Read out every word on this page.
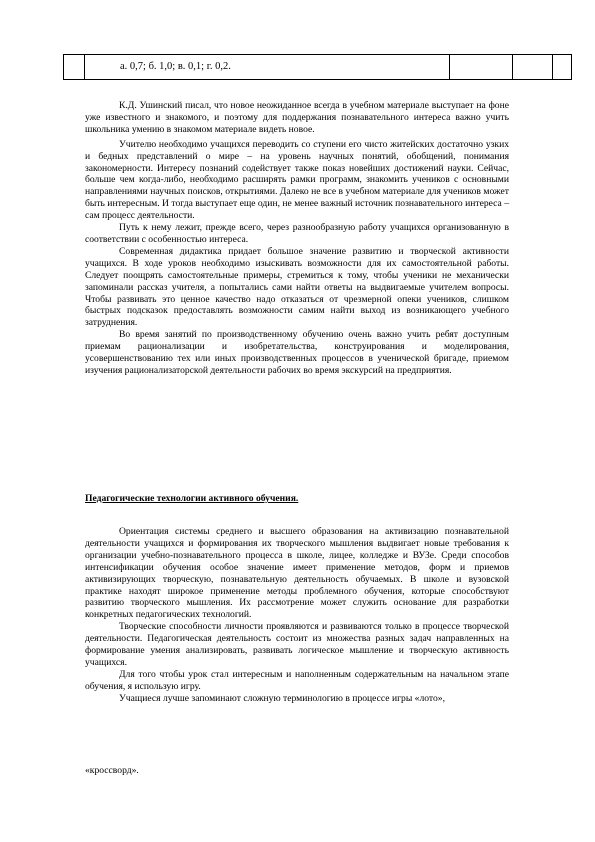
а. 0,7; б. 1,0; в. 0,1; г. 0,2.

К.Д. Ушинский писал, что новое неожиданное всегда в учебном материале выступает на фоне уже известного и знакомого, и поэтому для поддержания познавательного интереса важно учить школьника умению в знакомом материале видеть новое.

Учителю необходимо учащихся переводить со ступени его чисто житейских достаточно узких и бедных представлений о мире – на уровень научных понятий, обобщений, понимания закономерности. Интересу познаний содействует также показ новейших достижений науки. Сейчас, больше чем когда-либо, необходимо расширять рамки программ, знакомить учеников с основными направлениями научных поисков, открытиями. Далеко не все в учебном материале для учеников может быть интересным. И тогда выступает еще один, не менее важный источник познавательного интереса – сам процесс деятельности.

Путь к нему лежит, прежде всего, через разнообразную работу учащихся организованную в соответствии с особенностью интереса.

Современная дидактика придает большое значение развитию и творческой активности учащихся. В ходе уроков необходимо изыскивать возможности для их самостоятельной работы. Следует поощрять самостоятельные примеры, стремиться к тому, чтобы ученики не механически запоминали рассказ учителя, а попытались сами найти ответы на выдвигаемые учителем вопросы. Чтобы развивать это ценное качество надо отказаться от чрезмерной опеки учеников, слишком быстрых подсказок предоставлять возможности самим найти выход из возникающего учебного затруднения.

Во время занятий по производственному обучению очень важно учить ребят доступным приемам рационализации и изобретательства, конструирования и моделирования, усовершенствованию тех или иных производственных процессов в ученической бригаде, приемом изучения рационализаторской деятельности рабочих во время экскурсий на предприятия.

Педагогические технологии активного обучения.

Ориентация системы среднего и высшего образования на активизацию познавательной деятельности учащихся и формирования их творческого мышления выдвигает новые требования к организации учебно-познавательного процесса в школе, лицее, колледже и ВУЗе. Среди способов интенсификации обучения особое значение имеет применение методов, форм и приемов активизирующих творческую, познавательную деятельность обучаемых. В школе и вузовской практике находят широкое применение методы проблемного обучения, которые способствуют развитию творческого мышления. Их рассмотрение может служить основание для разработки конкретных педагогических технологий.

Творческие способности личности проявляются и развиваются только в процессе творческой деятельности. Педагогическая деятельность состоит из множества разных задач направленных на формирование умения анализировать, развивать логическое мышление и творческую активность учащихся.

Для того чтобы урок стал интересным и наполненным содержательным на начальном этапе обучения, я использую игру.

Учащиеся лучше запоминают сложную терминологию в процессе игры «лото»,

«кроссворд».
